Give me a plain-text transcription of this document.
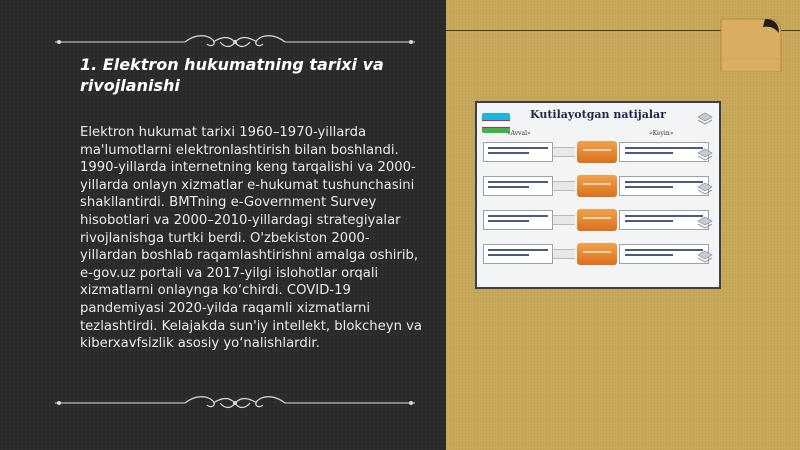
1. Elektron hukumatning tarixi va rivojlanishi

Elektron hukumat tarixi 1960–1970-yillarda ma'lumotlarni elektronlashtirish bilan boshlandi. 1990-yillarda internetning keng tarqalishi va 2000-yillarda onlayn xizmatlar e-hukumat tushunchasini shakllantirdi. BMTning e-Government Survey hisobotlari va 2000–2010-yillardagi strategiyalar rivojlanishga turtki berdi. O'zbekiston 2000-yillardan boshlab raqamlashtirishni amalga oshirib, e-gov.uz portali va 2017-yilgi islohotlar orqali xizmatlarni onlaynga ko‘chirdi. COVID-19 pandemiyasi 2020-yilda raqamli xizmatlarni tezlashtirdi. Kelajakda sun'iy intellekt, blokcheyn va kiberxavfsizlik asosiy yo‘nalishlardir.

Kutilayotgan natijalar
«Avval»	«Keyin»
